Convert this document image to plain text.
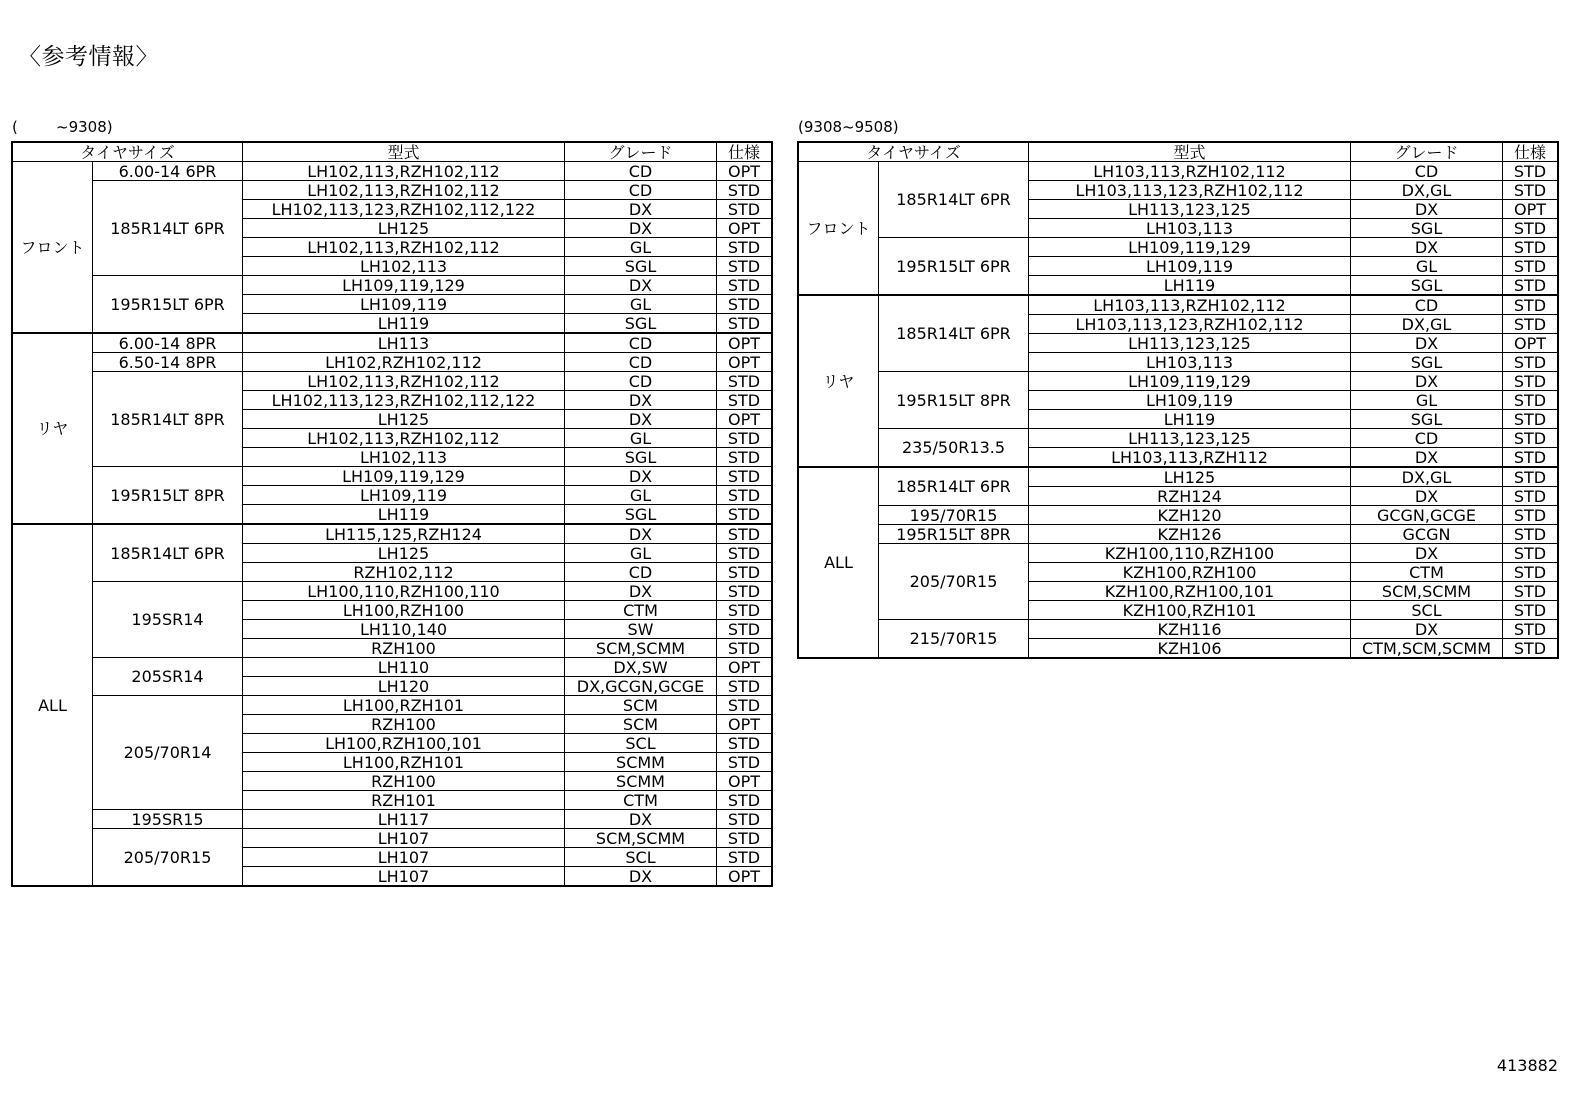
〈参考情報〉
(        ~9308)
タイヤサイズ		型式	グレード	仕様
フロント	6.00-14 6PR	LH102,113,RZH102,112	CD	OPT
	185R14LT 6PR	LH102,113,RZH102,112	CD	STD
		LH102,113,123,RZH102,112,122	DX	STD
		LH125	DX	OPT
		LH102,113,RZH102,112	GL	STD
		LH102,113	SGL	STD
	195R15LT 6PR	LH109,119,129	DX	STD
		LH109,119	GL	STD
		LH119	SGL	STD
リヤ	6.00-14 8PR	LH113	CD	OPT
	6.50-14 8PR	LH102,RZH102,112	CD	OPT
	185R14LT 8PR	LH102,113,RZH102,112	CD	STD
		LH102,113,123,RZH102,112,122	DX	STD
		LH125	DX	OPT
		LH102,113,RZH102,112	GL	STD
		LH102,113	SGL	STD
	195R15LT 8PR	LH109,119,129	DX	STD
		LH109,119	GL	STD
		LH119	SGL	STD
ALL	185R14LT 6PR	LH115,125,RZH124	DX	STD
		LH125	GL	STD
		RZH102,112	CD	STD
	195SR14	LH100,110,RZH100,110	DX	STD
		LH100,RZH100	CTM	STD
		LH110,140	SW	STD
		RZH100	SCM,SCMM	STD
	205SR14	LH110	DX,SW	OPT
		LH120	DX,GCGN,GCGE	STD
	205/70R14	LH100,RZH101	SCM	STD
		RZH100	SCM	OPT
		LH100,RZH100,101	SCL	STD
		LH100,RZH101	SCMM	STD
		RZH100	SCMM	OPT
		RZH101	CTM	STD
	195SR15	LH117	DX	STD
	205/70R15	LH107	SCM,SCMM	STD
		LH107	SCL	STD
		LH107	DX	OPT
(9308~9508)
タイヤサイズ		型式	グレード	仕様
フロント	185R14LT 6PR	LH103,113,RZH102,112	CD	STD
		LH103,113,123,RZH102,112	DX,GL	STD
		LH113,123,125	DX	OPT
		LH103,113	SGL	STD
	195R15LT 6PR	LH109,119,129	DX	STD
		LH109,119	GL	STD
		LH119	SGL	STD
リヤ	185R14LT 6PR	LH103,113,RZH102,112	CD	STD
		LH103,113,123,RZH102,112	DX,GL	STD
		LH113,123,125	DX	OPT
		LH103,113	SGL	STD
	195R15LT 8PR	LH109,119,129	DX	STD
		LH109,119	GL	STD
		LH119	SGL	STD
	235/50R13.5	LH113,123,125	CD	STD
		LH103,113,RZH112	DX	STD
ALL	185R14LT 6PR	LH125	DX,GL	STD
		RZH124	DX	STD
	195/70R15	KZH120	GCGN,GCGE	STD
	195R15LT 8PR	KZH126	GCGN	STD
	205/70R15	KZH100,110,RZH100	DX	STD
		KZH100,RZH100	CTM	STD
		KZH100,RZH100,101	SCM,SCMM	STD
		KZH100,RZH101	SCL	STD
	215/70R15	KZH116	DX	STD
		KZH106	CTM,SCM,SCMM	STD
413882
